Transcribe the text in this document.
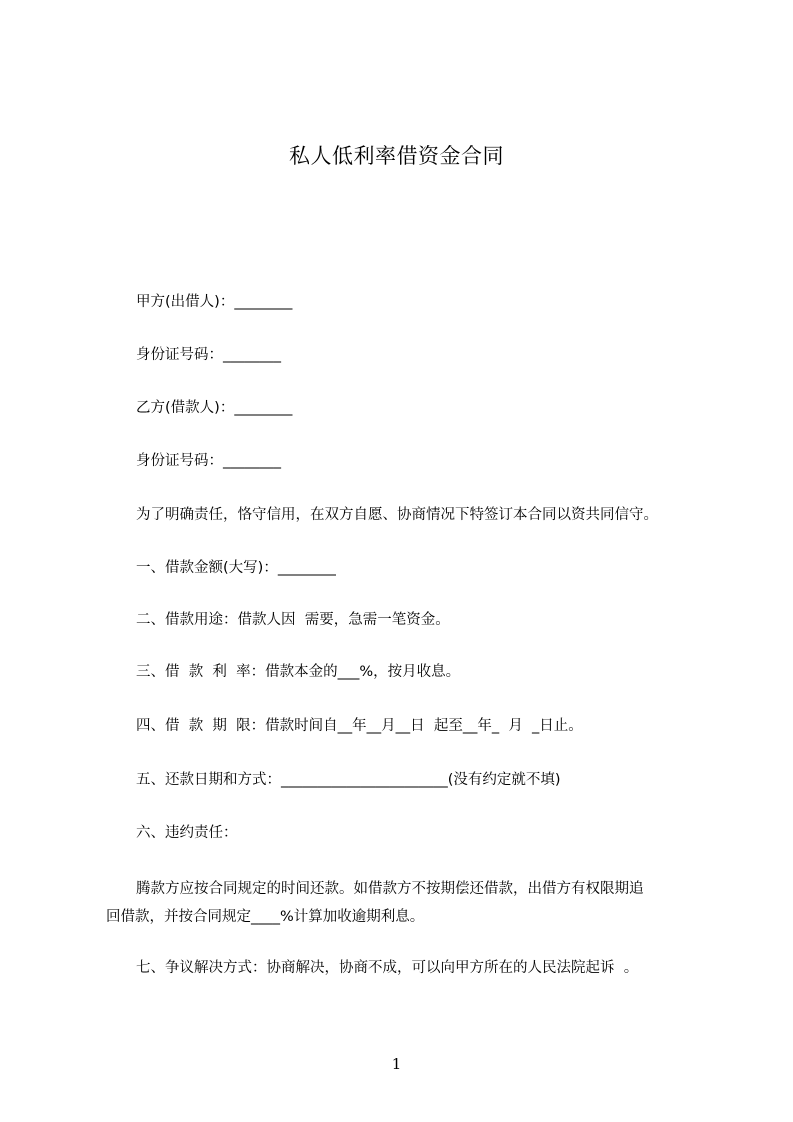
私人低利率借资金合同
甲方(出借人)：________
身份证号码：________
乙方(借款人)：________
身份证号码：________
为了明确责任，恪守信用，在双方自愿、协商情况下特签订本合同以资共同信守。
一、借款金额(大写)：________
二、借款用途：借款人因  需要，急需一笔资金。
三、借  款  利  率：借款本金的___%，按月收息。
四、借  款  期  限：借款时间自__年__月__日  起至__年_  月  _日止。
五、还款日期和方式：_______________________(没有约定就不填)
六、违约责任：
腾款方应按合同规定的时间还款。如借款方不按期偿还借款，出借方有权限期追
回借款，并按合同规定____%计算加收逾期利息。
七、争议解决方式：协商解决，协商不成，可以向甲方所在的人民法院起诉  。
1
